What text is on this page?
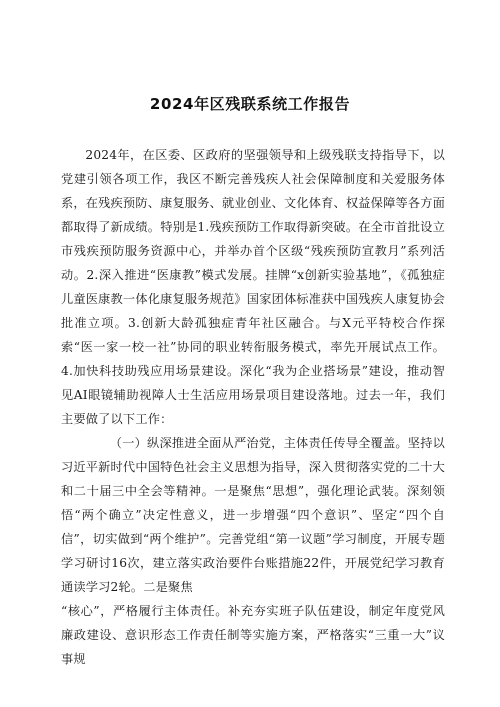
2024年区残联系统工作报告

2024年，在区委、区政府的坚强领导和上级残联支持指导下，以党建引领各项工作，我区不断完善残疾人社会保障制度和关爱服务体系，在残疾预防、康复服务、就业创业、文化体育、权益保障等各方面都取得了新成绩。特别是1.残疾预防工作取得新突破。在全市首批设立市残疾预防服务资源中心，并举办首个区级“残疾预防宣教月”系列活动。2.深入推进“医康教”模式发展。挂牌“x创新实验基地”，《孤独症儿童医康教一体化康复服务规范》国家团体标准获中国残疾人康复协会批准立项。3.创新大龄孤独症青年社区融合。与X元平特校合作探索“医一家一校一社”协同的职业转衔服务模式，率先开展试点工作。4.加快科技助残应用场景建设。深化“我为企业搭场景”建设，推动智见AI眼镜辅助视障人士生活应用场景项目建设落地。过去一年，我们主要做了以下工作：

（一）纵深推进全面从严治党，主体责任传导全覆盖。坚持以习近平新时代中国特色社会主义思想为指导，深入贯彻落实党的二十大和二十届三中全会等精神。一是聚焦“思想”，强化理论武装。深刻领悟“两个确立”决定性意义，进一步增强“四个意识”、坚定“四个自信”，切实做到“两个维护”。完善党组“第一议题”学习制度，开展专题学习研讨16次，建立落实政治要件台账措施22件，开展党纪学习教育通读学习2轮。二是聚焦

“核心”，严格履行主体责任。补充夯实班子队伍建设，制定年度党风廉政建设、意识形态工作责任制等实施方案，严格落实“三重一大”议事规
